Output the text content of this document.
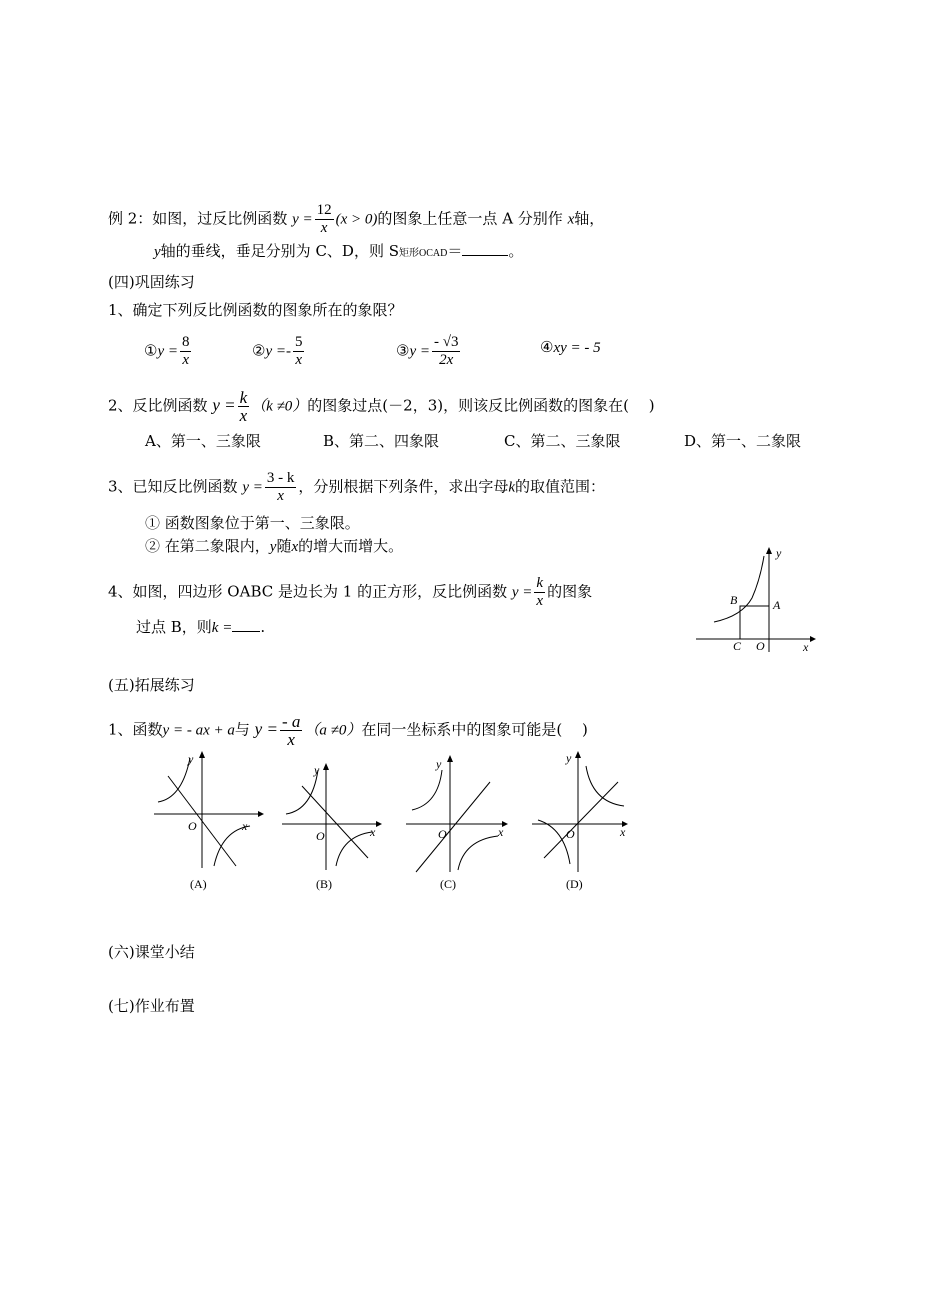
例 2：如图，过反比例函数 $y = \frac{12}{x} (x > 0)$的图象上任意一点 A 分别作 x轴，
y轴的垂线，垂足分别为 C、D，则 S矩形OCAD＝	。
(四)巩固练习
1、确定下列反比例函数的图象所在的象限？
①y = $\frac{8}{x}$	②y =- $\frac{5}{x}$	③y = $\frac{- √3}{2x}$	④xy = - 5
2、反比例函数 $y = \frac{k}{x} (k \ne 0)$的图象过点(－2，3)，则该反比例函数的图象在(　 )
A、第一、三象限	B、第二、四象限	C、第二、三象限	D、第一、二象限
3、已知反比例函数 $y = \frac{3 - k}{x}$ ，分别根据下列条件，求出字母k的取值范围：
① 函数图象位于第一、三象限。
② 在第二象限内，y随x的增大而增大。
4、如图，四边形 OABC 是边长为 1 的正方形，反比例函数 $y = \frac{k}{x}$ 的图象
过点 B，则k = .
y
x
A
B
C O
(五)拓展练习
1、函数y = - ax + a与 $y = \frac{- a}{x} (a \ne 0)$在同一坐标系中的图象可能是(　 )
y
x
O
(A)
y
x
O
(B)
y
x
O
(C)
y
x
O
(D)
(六)课堂小结
(七)作业布置
